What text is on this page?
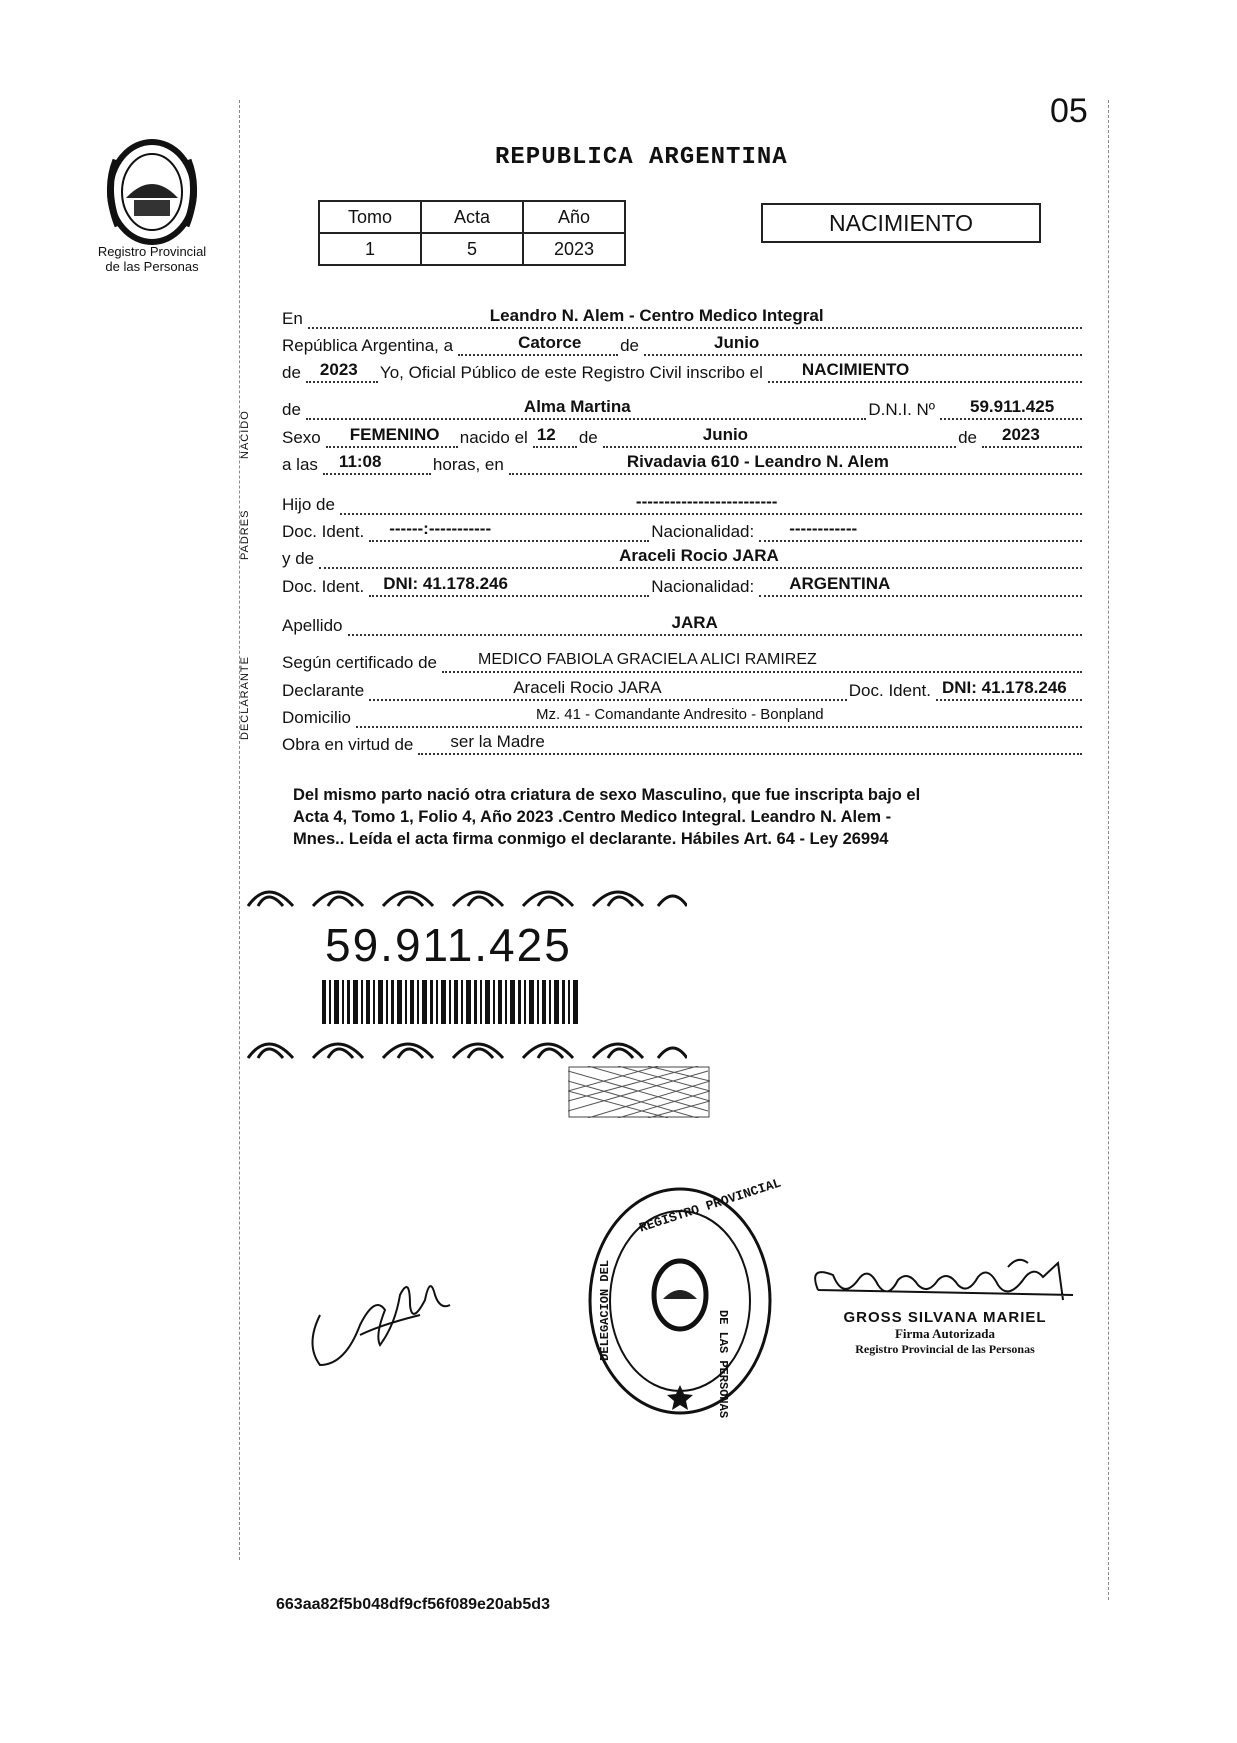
05
Registro Provincial
de las Personas
REPUBLICA ARGENTINA
Tomo	Acta	Año
1	5	2023
NACIMIENTO
NACIDO
PADRES
DECLARANTE
En	Leandro N. Alem - Centro Medico Integral
República Argentina, a	Catorce de	Junio
de 2023 Yo, Oficial Público de este Registro Civil inscribo el NACIMIENTO
de	Alma Martina	D.N.I. Nº 59.911.425
Sexo FEMENINO nacido el 12 de	Junio	de 2023
a las 11:08	horas, en	Rivadavia 610 - Leandro N. Alem
Hijo de	-------------------------
Doc. Ident. ------:-----------	Nacionalidad: ------------
y de	Araceli Rocio JARA
Doc. Ident. DNI: 41.178.246	Nacionalidad: ARGENTINA
Apellido	JARA
Según certificado de	MEDICO FABIOLA GRACIELA ALICI RAMIREZ
Declarante	Araceli Rocio JARA	Doc. Ident. DNI: 41.178.246
Domicilio	Mz. 41 - Comandante Andresito - Bonpland
Obra en virtud de ser la Madre
Del mismo parto nació otra criatura de sexo Masculino, que fue inscripta bajo el
Acta 4, Tomo 1, Folio 4, Año 2023 .Centro Medico Integral. Leandro N. Alem -
Mnes.. Leída el acta firma conmigo el declarante. Hábiles Art. 64 - Ley 26994
59.911.425
REGISTRO PROVINCIAL
DE LAS PERSONAS
DELEGACION DEL	GROSS SILVANA MARIEL
Firma Autorizada
Registro Provincial de las Personas
663aa82f5b048df9cf56f089e20ab5d3
